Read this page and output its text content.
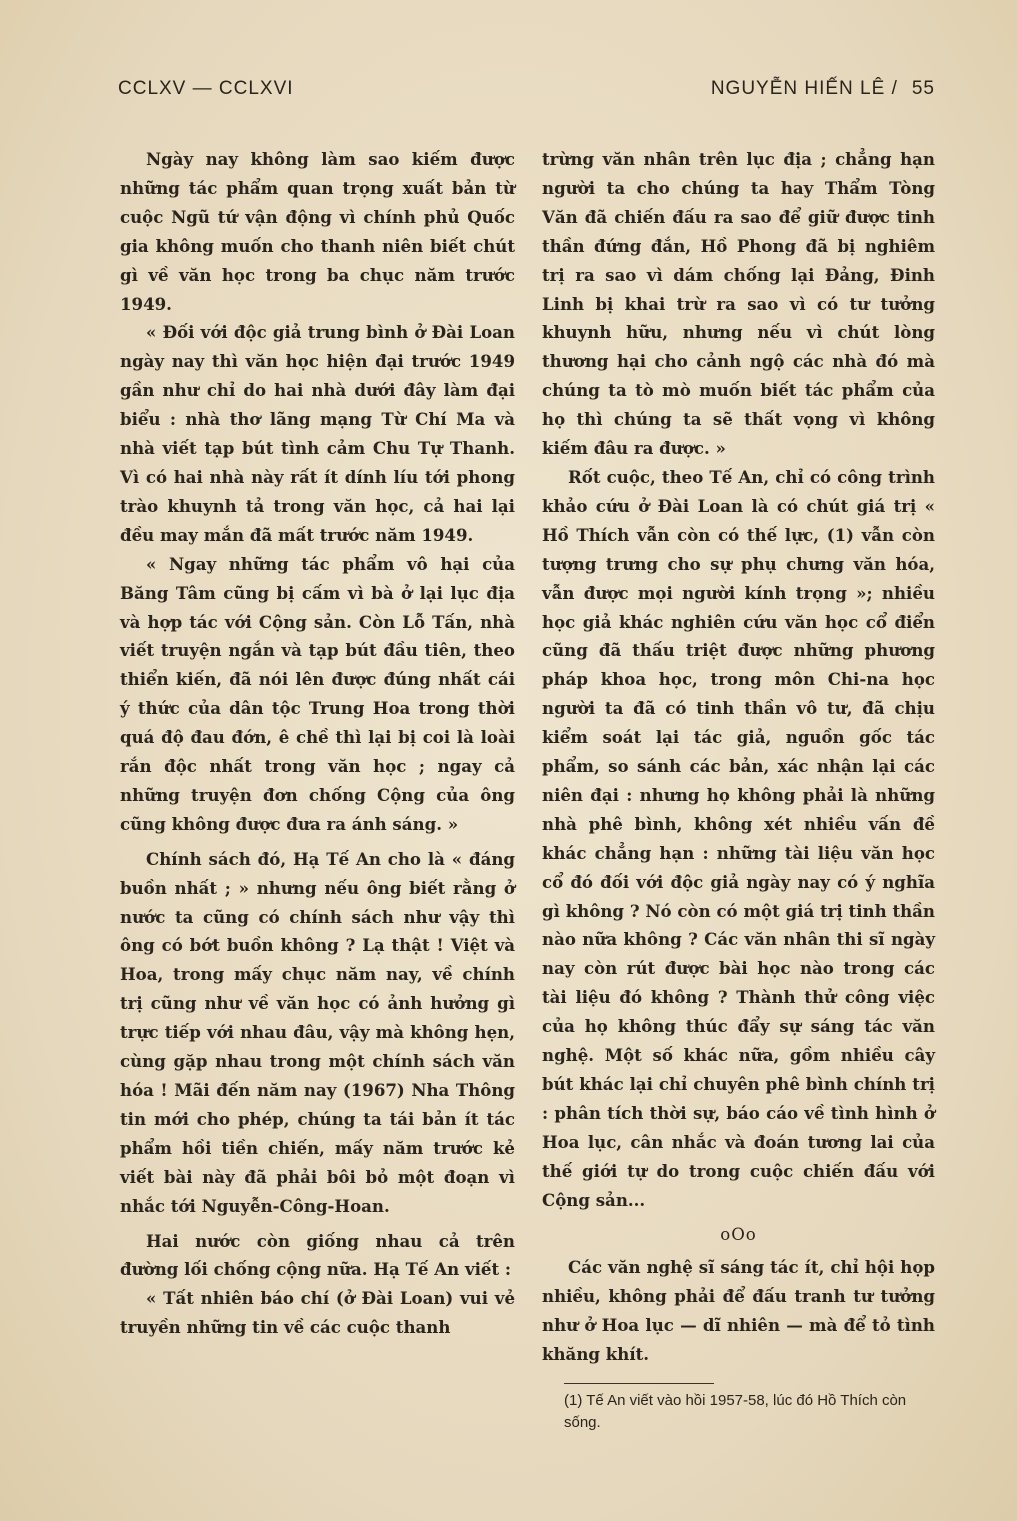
CCLXV — CCLXVI	NGUYỄN HIẾN LÊ / 55

Ngày nay không làm sao kiếm được những tác phẩm quan trọng xuất bản từ cuộc Ngũ tứ vận động vì chính phủ Quốc gia không muốn cho thanh niên biết chút gì về văn học trong ba chục năm trước 1949.

« Đối với độc giả trung bình ở Đài Loan ngày nay thì văn học hiện đại trước 1949 gần như chỉ do hai nhà dưới đây làm đại biểu : nhà thơ lãng mạng Từ Chí Ma và nhà viết tạp bút tình cảm Chu Tự Thanh. Vì có hai nhà này rất ít dính líu tới phong trào khuynh tả trong văn học, cả hai lại đều may mắn đã mất trước năm 1949.

« Ngay những tác phẩm vô hại của Băng Tâm cũng bị cấm vì bà ở lại lục địa và hợp tác với Cộng sản. Còn Lỗ Tấn, nhà viết truyện ngắn và tạp bút đầu tiên, theo thiển kiến, đã nói lên được đúng nhất cái ý thức của dân tộc Trung Hoa trong thời quá độ đau đớn, ê chề thì lại bị coi là loài rắn độc nhất trong văn học ; ngay cả những truyện đơn chống Cộng của ông cũng không được đưa ra ánh sáng. »

Chính sách đó, Hạ Tế An cho là « đáng buồn nhất ; » nhưng nếu ông biết rằng ở nước ta cũng có chính sách như vậy thì ông có bớt buồn không ? Lạ thật ! Việt và Hoa, trong mấy chục năm nay, về chính trị cũng như về văn học có ảnh hưởng gì trực tiếp với nhau đâu, vậy mà không hẹn, cùng gặp nhau trong một chính sách văn hóa ! Mãi đến năm nay (1967) Nha Thông tin mới cho phép, chúng ta tái bản ít tác phẩm hồi tiền chiến, mấy năm trước kẻ viết bài này đã phải bôi bỏ một đoạn vì nhắc tới Nguyễn-Công-Hoan.

Hai nước còn giống nhau cả trên đường lối chống cộng nữa. Hạ Tế An viết :

« Tất nhiên báo chí (ở Đài Loan) vui vẻ truyền những tin về các cuộc thanh

trừng văn nhân trên lục địa ; chẳng hạn người ta cho chúng ta hay Thẩm Tòng Văn đã chiến đấu ra sao để giữ được tinh thần đứng đắn, Hồ Phong đã bị nghiêm trị ra sao vì dám chống lại Đảng, Đinh Linh bị khai trừ ra sao vì có tư tưởng khuynh hữu, nhưng nếu vì chút lòng thương hại cho cảnh ngộ các nhà đó mà chúng ta tò mò muốn biết tác phẩm của họ thì chúng ta sẽ thất vọng vì không kiếm đâu ra được. »

Rốt cuộc, theo Tế An, chỉ có công trình khảo cứu ở Đài Loan là có chút giá trị « Hồ Thích vẫn còn có thế lực, (1) vẫn còn tượng trưng cho sự phụ chưng văn hóa, vẫn được mọi người kính trọng »; nhiều học giả khác nghiên cứu văn học cổ điển cũng đã thấu triệt được những phương pháp khoa học, trong môn Chi-na học người ta đã có tinh thần vô tư, đã chịu kiểm soát lại tác giả, nguồn gốc tác phẩm, so sánh các bản, xác nhận lại các niên đại : nhưng họ không phải là những nhà phê bình, không xét nhiều vấn đề khác chẳng hạn : những tài liệu văn học cổ đó đối với độc giả ngày nay có ý nghĩa gì không ? Nó còn có một giá trị tinh thần nào nữa không ? Các văn nhân thi sĩ ngày nay còn rút được bài học nào trong các tài liệu đó không ? Thành thử công việc của họ không thúc đẩy sự sáng tác văn nghệ. Một số khác nữa, gồm nhiều cây bút khác lại chỉ chuyên phê bình chính trị : phân tích thời sự, báo cáo về tình hình ở Hoa lục, cân nhắc và đoán tương lai của thế giới tự do trong cuộc chiến đấu với Cộng sản...

oOo

Các văn nghệ sĩ sáng tác ít, chỉ hội họp nhiều, không phải để đấu tranh tư tưởng như ở Hoa lục — dĩ nhiên — mà để tỏ tình khăng khít.

(1) Tế An viết vào hồi 1957-58, lúc đó Hồ Thích còn sống.
